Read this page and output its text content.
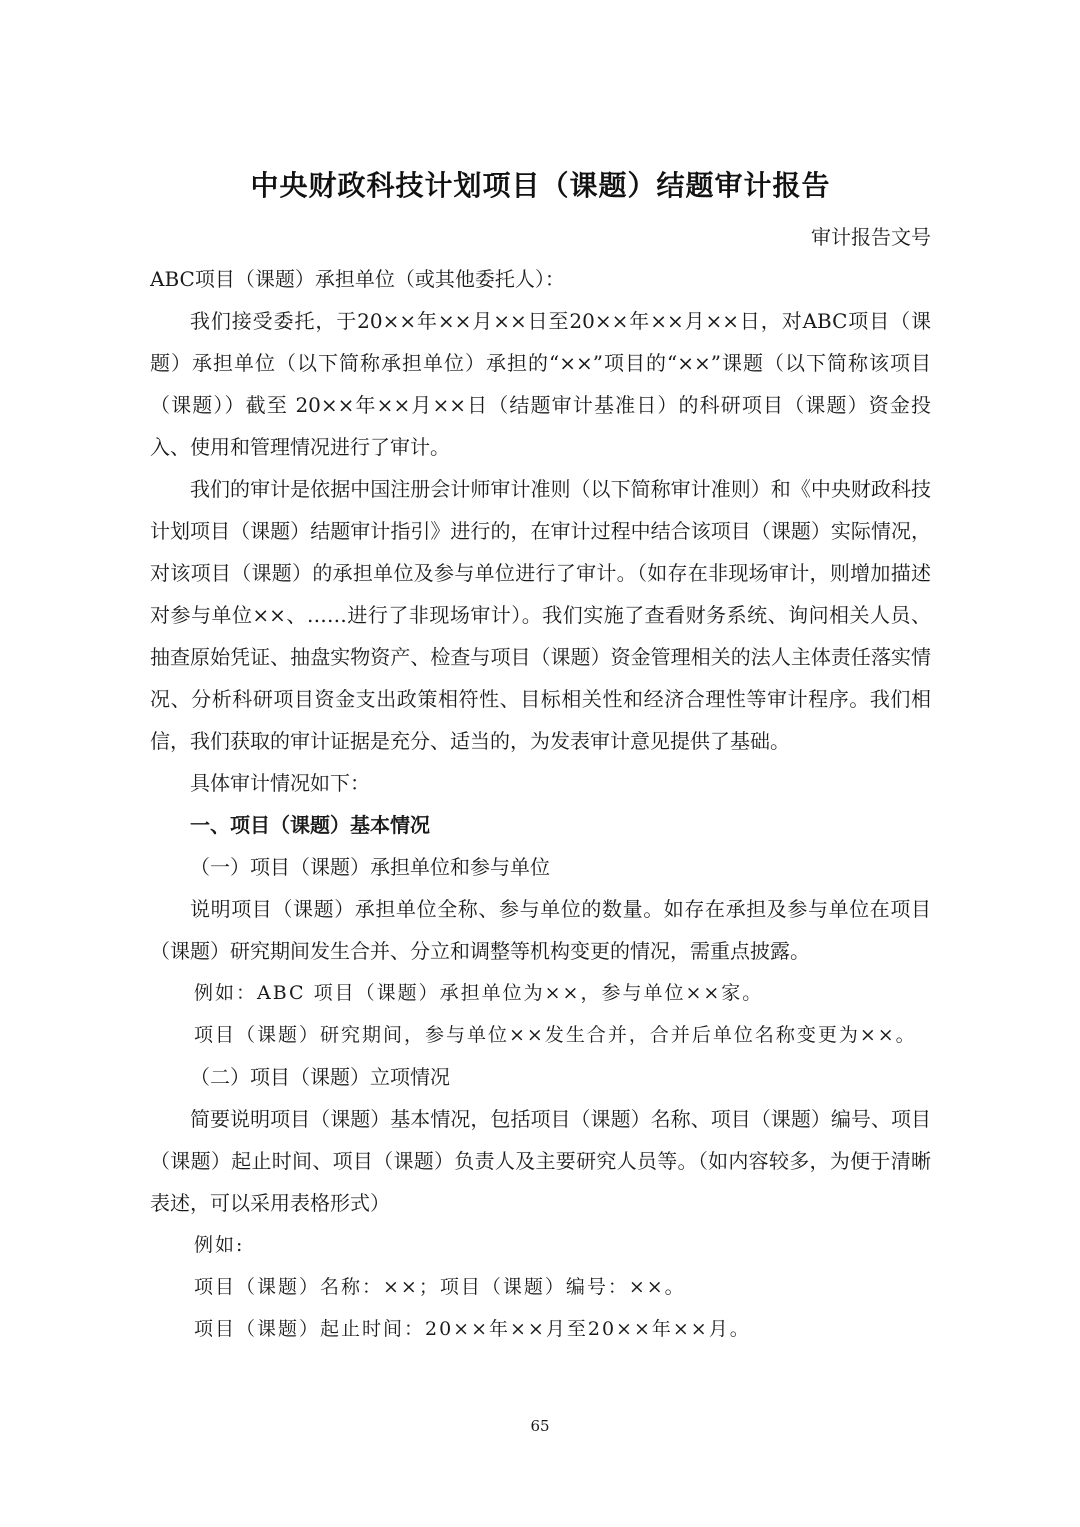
中央财政科技计划项目（课题）结题审计报告
审计报告文号

ABC项目（课题）承担单位（或其他委托人）：

我们接受委托，于20××年××月××日至20××年××月××日，对ABC项目（课题）承担单位（以下简称承担单位）承担的“××”项目的“××”课题（以下简称该项目（课题））截至 20××年××月××日（结题审计基准日）的科研项目（课题）资金投入、使用和管理情况进行了审计。

我们的审计是依据中国注册会计师审计准则（以下简称审计准则）和《中央财政科技计划项目（课题）结题审计指引》进行的，在审计过程中结合该项目（课题）实际情况，对该项目（课题）的承担单位及参与单位进行了审计。（如存在非现场审计，则增加描述对参与单位××、……进行了非现场审计）。我们实施了查看财务系统、询问相关人员、抽查原始凭证、抽盘实物资产、检查与项目（课题）资金管理相关的法人主体责任落实情况、分析科研项目资金支出政策相符性、目标相关性和经济合理性等审计程序。我们相信，我们获取的审计证据是充分、适当的，为发表审计意见提供了基础。

具体审计情况如下：

一、项目（课题）基本情况

（一）项目（课题）承担单位和参与单位

说明项目（课题）承担单位全称、参与单位的数量。如存在承担及参与单位在项目（课题）研究期间发生合并、分立和调整等机构变更的情况，需重点披露。

例如：ABC 项目（课题）承担单位为××，参与单位××家。

项目（课题）研究期间，参与单位××发生合并，合并后单位名称变更为××。

（二）项目（课题）立项情况

简要说明项目（课题）基本情况，包括项目（课题）名称、项目（课题）编号、项目（课题）起止时间、项目（课题）负责人及主要研究人员等。（如内容较多，为便于清晰表述，可以采用表格形式）

例如:

项目（课题）名称：××；项目（课题）编号：××。

项目（课题）起止时间：20××年××月至20××年××月。

65
